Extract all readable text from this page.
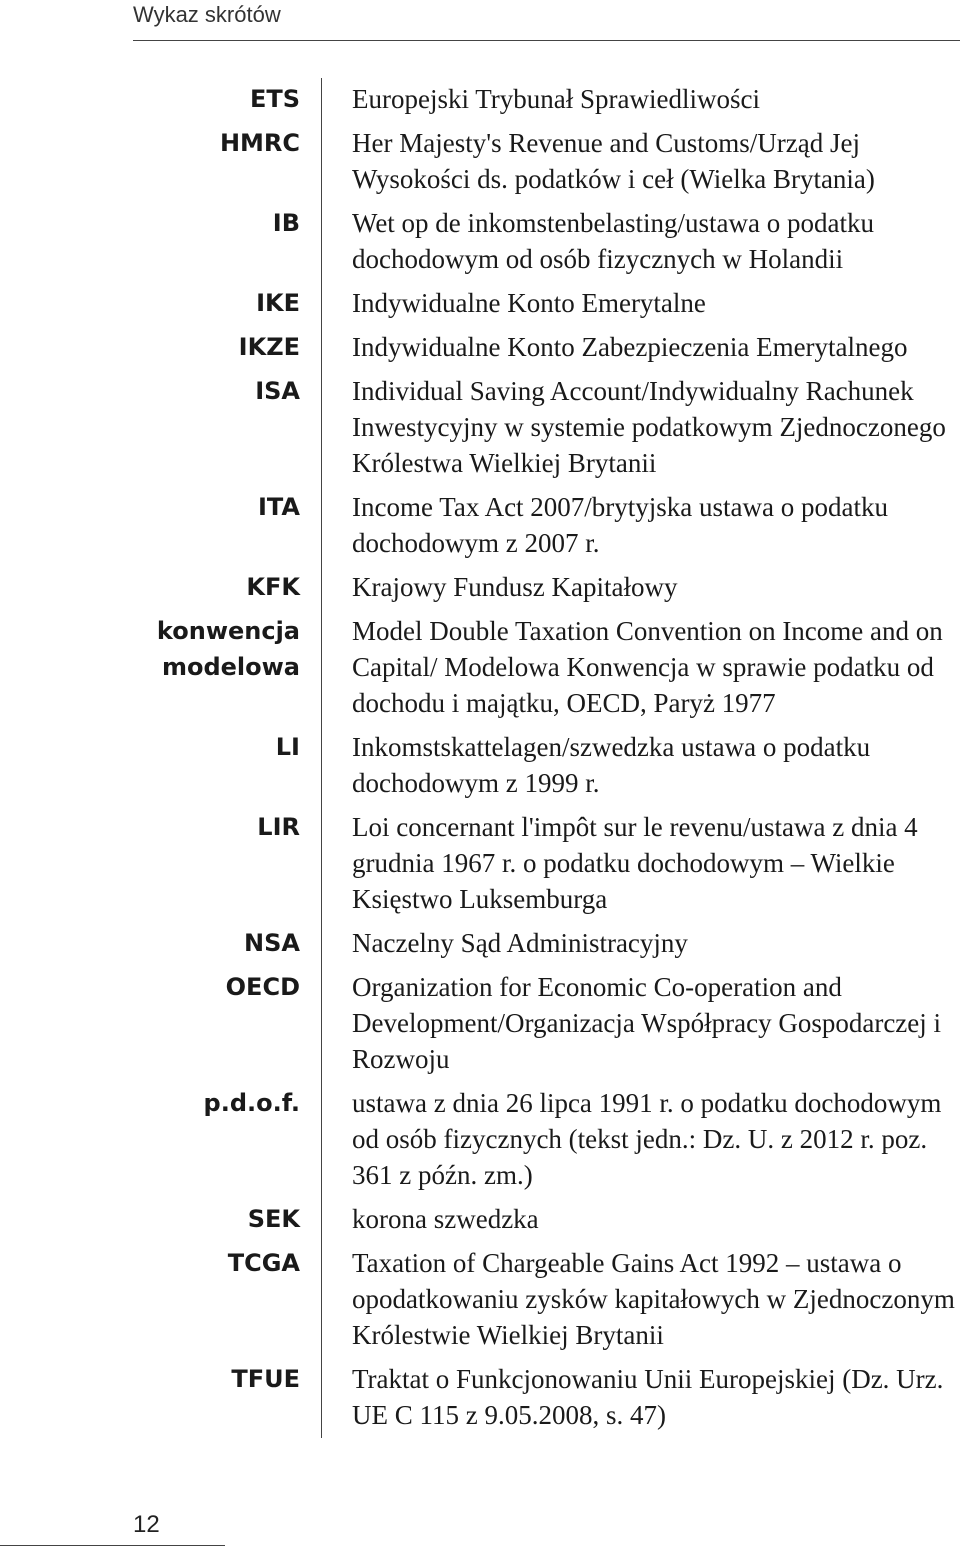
Wykaz skrótów
ETS Europejski Trybunał Sprawiedliwości
HMRC Her Majesty's Revenue and Customs/Urząd Jej Wysokości ds. podatków i ceł (Wielka Brytania)
IB Wet op de inkomstenbelasting/ustawa o podatku dochodowym od osób fizycznych w Holandii
IKE Indywidualne Konto Emerytalne
IKZE Indywidualne Konto Zabezpieczenia Emerytalnego
ISA Individual Saving Account/Indywidualny Rachunek Inwestycyjny w systemie podatkowym Zjednoczonego Królestwa Wielkiej Brytanii
ITA Income Tax Act 2007/brytyjska ustawa o podatku dochodowym z 2007 r.
KFK Krajowy Fundusz Kapitałowy
konwencja
modelowa
Model Double Taxation Convention on Income and on Capital/ Modelowa Konwencja w sprawie podatku od dochodu i majątku, OECD, Paryż 1977
LI Inkomstskattelagen/szwedzka ustawa o podatku dochodowym z 1999 r.
LIR Loi concernant l'impôt sur le revenu/ustawa z dnia 4 grudnia 1967 r. o podatku dochodowym – Wielkie Księstwo Luksemburga
NSA Naczelny Sąd Administracyjny
OECD Organization for Economic Co-operation and Development/Organizacja Współpracy Gospodarczej i Rozwoju
p.d.o.f. ustawa z dnia 26 lipca 1991 r. o podatku dochodowym od osób fizycznych (tekst jedn.: Dz. U. z 2012 r. poz. 361 z późn. zm.)
SEK korona szwedzka
TCGA Taxation of Chargeable Gains Act 1992 – ustawa o opodatkowaniu zysków kapitałowych w Zjednoczonym Królestwie Wielkiej Brytanii
TFUE Traktat o Funkcjonowaniu Unii Europejskiej (Dz. Urz. UE C 115 z 9.05.2008, s. 47)
12
